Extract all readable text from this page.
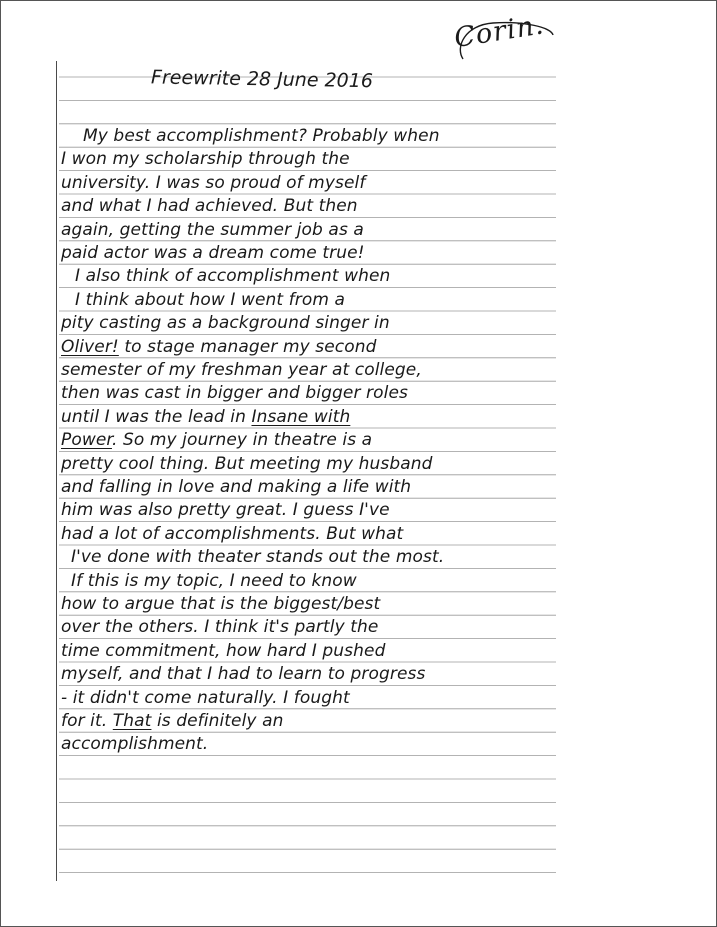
Corin.
Freewrite 28 June 2016
My best accomplishment? Probably when
I won my scholarship through the
university. I was so proud of myself
and what I had achieved. But then
again, getting the summer job as a
paid actor was a dream come true!
I also think of accomplishment when
I think about how I went from a
pity casting as a background singer in
Oliver! to stage manager my second
semester of my freshman year at college,
then was cast in bigger and bigger roles
until I was the lead in Insane with
Power. So my journey in theatre is a
pretty cool thing. But meeting my husband
and falling in love and making a life with
him was also pretty great. I guess I've
had a lot of accomplishments. But what
I've done with theater stands out the most.
If this is my topic, I need to know
how to argue that is the biggest/best
over the others. I think it's partly the
time commitment, how hard I pushed
myself, and that I had to learn to progress
- it didn't come naturally. I fought
for it. That is definitely an
accomplishment.
